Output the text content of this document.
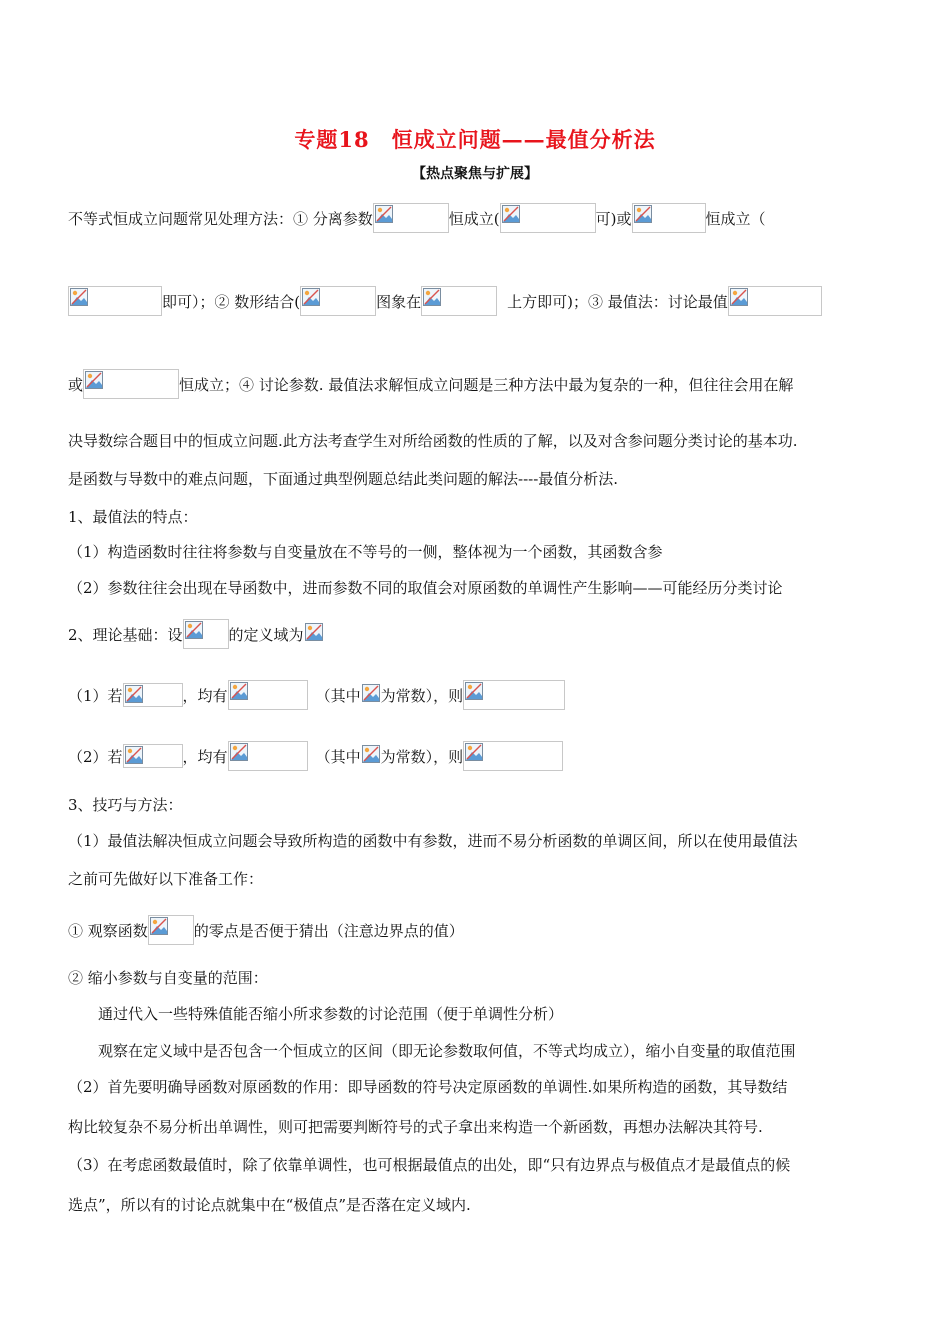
专题18　恒成立问题——最值分析法
【热点聚焦与扩展】
不等式恒成立问题常见处理方法：① 分离参数	恒成立(	可)或	恒成立（
即可）；② 数形结合(	图象在	上方即可)；③ 最值法：讨论最值
或	恒成立；④ 讨论参数. 最值法求解恒成立问题是三种方法中最为复杂的一种，但往往会用在解
决导数综合题目中的恒成立问题.此方法考查学生对所给函数的性质的了解，以及对含参问题分类讨论的基本功.
是函数与导数中的难点问题，下面通过典型例题总结此类问题的解法----最值分析法.
1、最值法的特点：
（1）构造函数时往往将参数与自变量放在不等号的一侧，整体视为一个函数，其函数含参
（2）参数往往会出现在导函数中，进而参数不同的取值会对原函数的单调性产生影响——可能经历分类讨论
2、理论基础：设	的定义域为
（1）若	，均有	（其中 为常数），则
（2）若	，均有	（其中 为常数），则
3、技巧与方法：
（1）最值法解决恒成立问题会导致所构造的函数中有参数，进而不易分析函数的单调区间，所以在使用最值法
之前可先做好以下准备工作：
① 观察函数	的零点是否便于猜出（注意边界点的值）
② 缩小参数与自变量的范围：
通过代入一些特殊值能否缩小所求参数的讨论范围（便于单调性分析）
观察在定义域中是否包含一个恒成立的区间（即无论参数取何值，不等式均成立），缩小自变量的取值范围
（2）首先要明确导函数对原函数的作用：即导函数的符号决定原函数的单调性.如果所构造的函数，其导数结
构比较复杂不易分析出单调性，则可把需要判断符号的式子拿出来构造一个新函数，再想办法解决其符号.
（3）在考虑函数最值时，除了依靠单调性，也可根据最值点的出处，即“只有边界点与极值点才是最值点的候
选点”，所以有的讨论点就集中在“极值点”是否落在定义域内.
